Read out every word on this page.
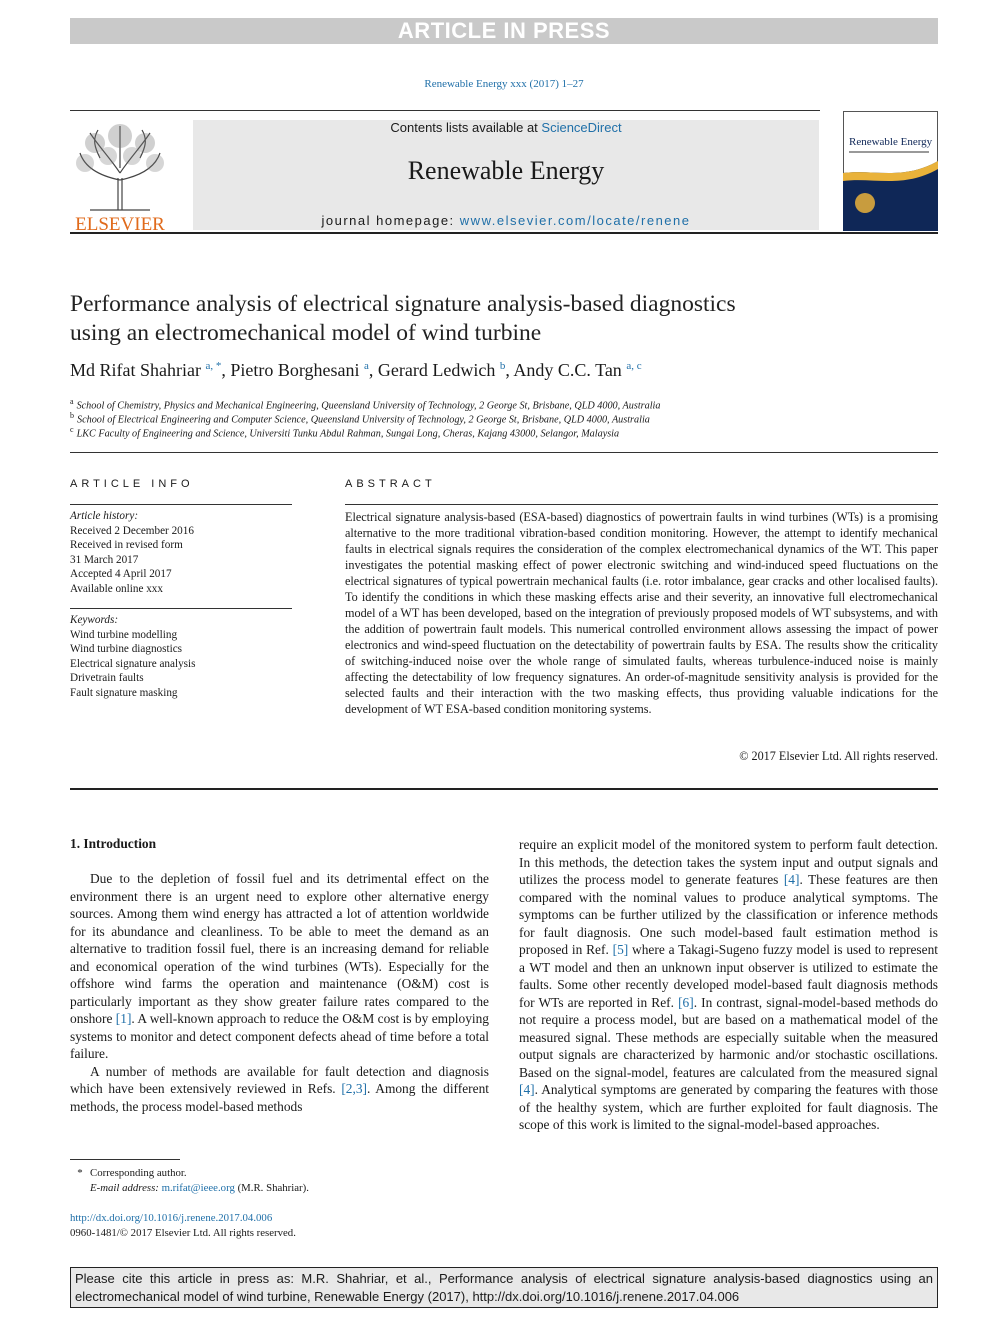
ARTICLE IN PRESS
Renewable Energy xxx (2017) 1–27
ELSEVIER
Contents lists available at ScienceDirect
Renewable Energy
journal homepage: www.elsevier.com/locate/renene
Renewable Energy
Performance analysis of electrical signature analysis-based diagnostics
using an electromechanical model of wind turbine
Md Rifat Shahriar $^{a, *}$, Pietro Borghesani $^a$, Gerard Ledwich $^b$, Andy C.C. Tan $^{a, c}$
$^a$ School of Chemistry, Physics and Mechanical Engineering, Queensland University of Technology, 2 George St, Brisbane, QLD 4000, Australia
$^b$ School of Electrical Engineering and Computer Science, Queensland University of Technology, 2 George St, Brisbane, QLD 4000, Australia
$^c$ LKC Faculty of Engineering and Science, Universiti Tunku Abdul Rahman, Sungai Long, Cheras, Kajang 43000, Selangor, Malaysia
ARTICLE INFO
Article history:
Received 2 December 2016
Received in revised form
31 March 2017
Accepted 4 April 2017
Available online xxx
Keywords:
Wind turbine modelling
Wind turbine diagnostics
Electrical signature analysis
Drivetrain faults
Fault signature masking
ABSTRACT
Electrical signature analysis-based (ESA-based) diagnostics of powertrain faults in wind turbines (WTs) is a promising alternative to the more traditional vibration-based condition monitoring. However, the attempt to identify mechanical faults in electrical signals requires the consideration of the complex electromechanical dynamics of the WT. This paper investigates the potential masking effect of power electronic switching and wind-induced speed fluctuations on the electrical signatures of typical powertrain mechanical faults (i.e. rotor imbalance, gear cracks and other localised faults). To identify the conditions in which these masking effects arise and their severity, an innovative full electromechanical model of a WT has been developed, based on the integration of previously proposed models of WT subsystems, and with the addition of powertrain fault models. This numerical controlled environment allows assessing the impact of power electronics and wind-speed fluctuation on the detectability of powertrain faults by ESA. The results show the criticality of switching-induced noise over the whole range of simulated faults, whereas turbulence-induced noise is mainly affecting the detectability of low frequency signatures. An order-of-magnitude sensitivity analysis is provided for the selected faults and their interaction with the two masking effects, thus providing valuable indications for the development of WT ESA-based condition monitoring systems.
© 2017 Elsevier Ltd. All rights reserved.
1. Introduction

Due to the depletion of fossil fuel and its detrimental effect on the environment there is an urgent need to explore other alternative energy sources. Among them wind energy has attracted a lot of attention worldwide for its abundance and cleanliness. To be able to meet the demand as an alternative to tradition fossil fuel, there is an increasing demand for reliable and economical operation of the wind turbines (WTs). Especially for the offshore wind farms the operation and maintenance (O&M) cost is particularly important as they show greater failure rates compared to the onshore [1]. A well-known approach to reduce the O&M cost is by employing systems to monitor and detect component defects ahead of time before a total failure.

A number of methods are available for fault detection and diagnosis which have been extensively reviewed in Refs. [2,3]. Among the different methods, the process model-based methods

require an explicit model of the monitored system to perform fault detection. In this methods, the detection takes the system input and output signals and utilizes the process model to generate features [4]. These features are then compared with the nominal values to produce analytical symptoms. The symptoms can be further utilized by the classification or inference methods for fault diagnosis. One such model-based fault estimation method is proposed in Ref. [5] where a Takagi-Sugeno fuzzy model is used to represent a WT model and then an unknown input observer is utilized to estimate the faults. Some other recently developed model-based fault diagnosis methods for WTs are reported in Ref. [6]. In contrast, signal-model-based methods do not require a process model, but are based on a mathematical model of the measured signal. These methods are especially suitable when the measured output signals are characterized by harmonic and/or stochastic oscillations. Based on the signal-model, features are calculated from the measured signal [4]. Analytical symptoms are generated by comparing the features with those of the healthy system, which are further exploited for fault diagnosis. The scope of this work is limited to the signal-model-based approaches.
* Corresponding author.
E-mail address: m.rifat@ieee.org (M.R. Shahriar).
http://dx.doi.org/10.1016/j.renene.2017.04.006
0960-1481/© 2017 Elsevier Ltd. All rights reserved.
Please cite this article in press as: M.R. Shahriar, et al., Performance analysis of electrical signature analysis-based diagnostics using an electromechanical model of wind turbine, Renewable Energy (2017), http://dx.doi.org/10.1016/j.renene.2017.04.006
